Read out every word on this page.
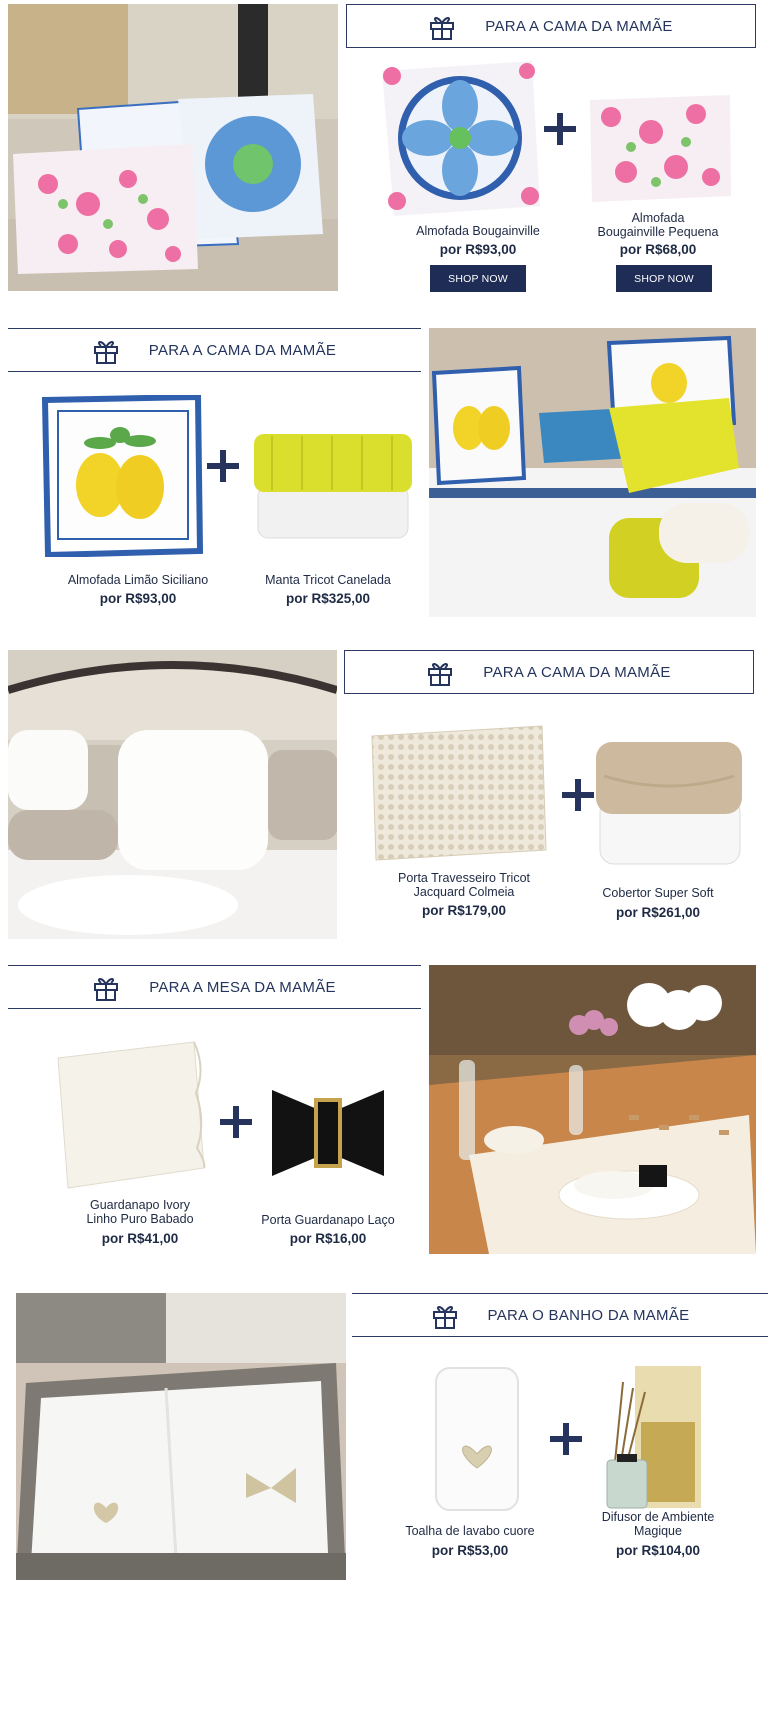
PARA A CAMA DA MAMÃE
Almofada Bougainville
por R$93,00
SHOP NOW
Almofada
Bougainville Pequena
por R$68,00
SHOP NOW
PARA A CAMA DA MAMÃE
Almofada Limão Siciliano
por R$93,00
Manta Tricot Canelada
por R$325,00
PARA A CAMA DA MAMÃE
Porta Travesseiro Tricot
Jacquard Colmeia
por R$179,00
Cobertor Super Soft
por R$261,00
PARA A MESA DA MAMÃE
Guardanapo Ivory
Linho Puro Babado
por R$41,00
Porta Guardanapo Laço
por R$16,00
PARA O BANHO DA MAMÃE
Toalha de lavabo cuore
por R$53,00
Difusor de Ambiente
Magique
por R$104,00
